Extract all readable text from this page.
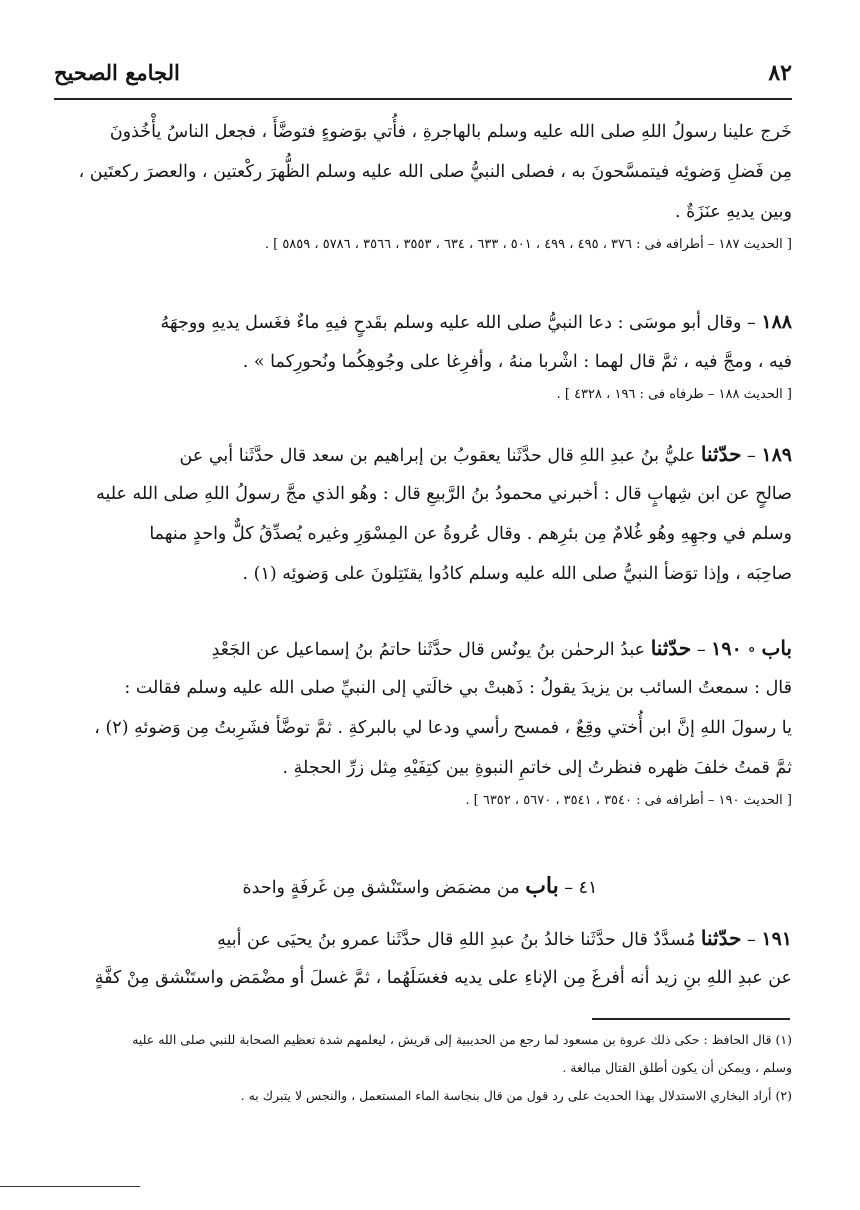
٨٢
الجامع الصحيح
خَرج علينا رسولُ اللهِ صلى الله عليه وسلم بالهاجرةِ ، فأُتي بوَضوءٍ فتوضَّأَ ، فجعل الناسُ يأْخُذونَ
مِن فَضلِ وَضوئِه فيتمسَّحونَ به ، فصلى النبيُّ صلى الله عليه وسلم الظُّهرَ ركْعتين ، والعصرَ ركعتَين ،
وبين يديهِ عنَزَةٌ .
[ الحديث ١٨٧ – أطرافه فى : ٣٧٦ ، ٤٩٥ ، ٤٩٩ ، ٥٠١ ، ٦٣٣ ، ٦٣٤ ، ٣٥٥٣ ، ٣٥٦٦ ، ٥٧٨٦ ، ٥٨٥٩ ] .
١٨٨ – وقال أبو موسَى : دعا النبيُّ صلى الله عليه وسلم بقَدحٍ فيهِ ماءٌ فغَسل يديهِ ووجهَهُ
فيه ، ومجَّ فيه ، ثمَّ قال لهما : اشْربا منهُ ، وأفرِغا على وجُوهِكُما ونُحورِكما » .
[ الحديث ١٨٨ – طرفاه فى : ١٩٦ ، ٤٣٢٨ ] .
١٨٩ – حدّثنا عليُّ بنُ عبدِ اللهِ قال حدَّثَنا يعقوبُ بن إبراهيم بن سعد قال حدَّثَنا أبي عن
صالحٍ عن ابن شِهابٍ قال : أخبرني محمودُ بنُ الرَّبيعِ قال : وهُو الذي مجَّ رسولُ اللهِ صلى الله عليه
وسلم في وجهِهِ وهُو غُلامٌ مِن بئرِهم . وقال عُروةُ عن المِسْوَرِ وغيره يُصدِّقُ كلٌّ واحدٍ منهما
صاحِبَه ، وإذا توَضأ النبيُّ صلى الله عليه وسلم كادُوا يقتَتِلونَ على وَضوئِه (١) .
باب ∘ ١٩٠ – حدّثنا عبدُ الرحمٰن بنُ يونُس قال حدَّثَنا حاتمُ بنُ إسماعيل عن الجَعْدِ
قال : سمعتُ السائب بن يزيدَ يقولُ : ذَهبتْ بي خالَتي إلى النبيِّ صلى الله عليه وسلم فقالت :
يا رسولَ اللهِ إنَّ ابن أُختي وقِعٌ ، فمسح رأسي ودعا لي بالبركةِ . ثمَّ توضَّأ فشَرِبتُ مِن وَضوئهِ (٢) ،
ثمَّ قمتُ خلفَ ظهره فنظرتُ إلى خاتمِ النبوةِ بين كتِفَيْهِ مِثل زرِّ الحجلةِ .
[ الحديث ١٩٠ – أطرافه فى : ٣٥٤٠ ، ٣٥٤١ ، ٥٦٧٠ ، ٦٣٥٢ ] .
٤١ – باب من مضمَض واستَنْشق مِن غَرفَةٍ واحدة
١٩١ – حدّثنا مُسدَّدٌ قال حدَّثَنا خالدُ بنُ عبدِ اللهِ قال حدَّثَنا عمرو بنُ يحيَى عن أبيهِ
عن عبدِ اللهِ بنِ زيد أنه أفرغَ مِن الإناءِ على يديه فغسَلَهُما ، ثمَّ غسلَ أو مضْمَض واستَنْشق مِنْ كفَّةٍ
(١) قال الحافظ : حكى ذلك عروة بن مسعود لما رجع من الحديبية إلى قريش ، ليعلمهم شدة تعظيم الصحابة للنبي صلى الله عليه
وسلم ، ويمكن أن يكون أطلق القتال مبالغة .
(٢) أراد البخاري الاستدلال بهذا الحديث على رد قول من قال بنجاسة الماء المستعمل ، والنجس لا يتبرك به .
